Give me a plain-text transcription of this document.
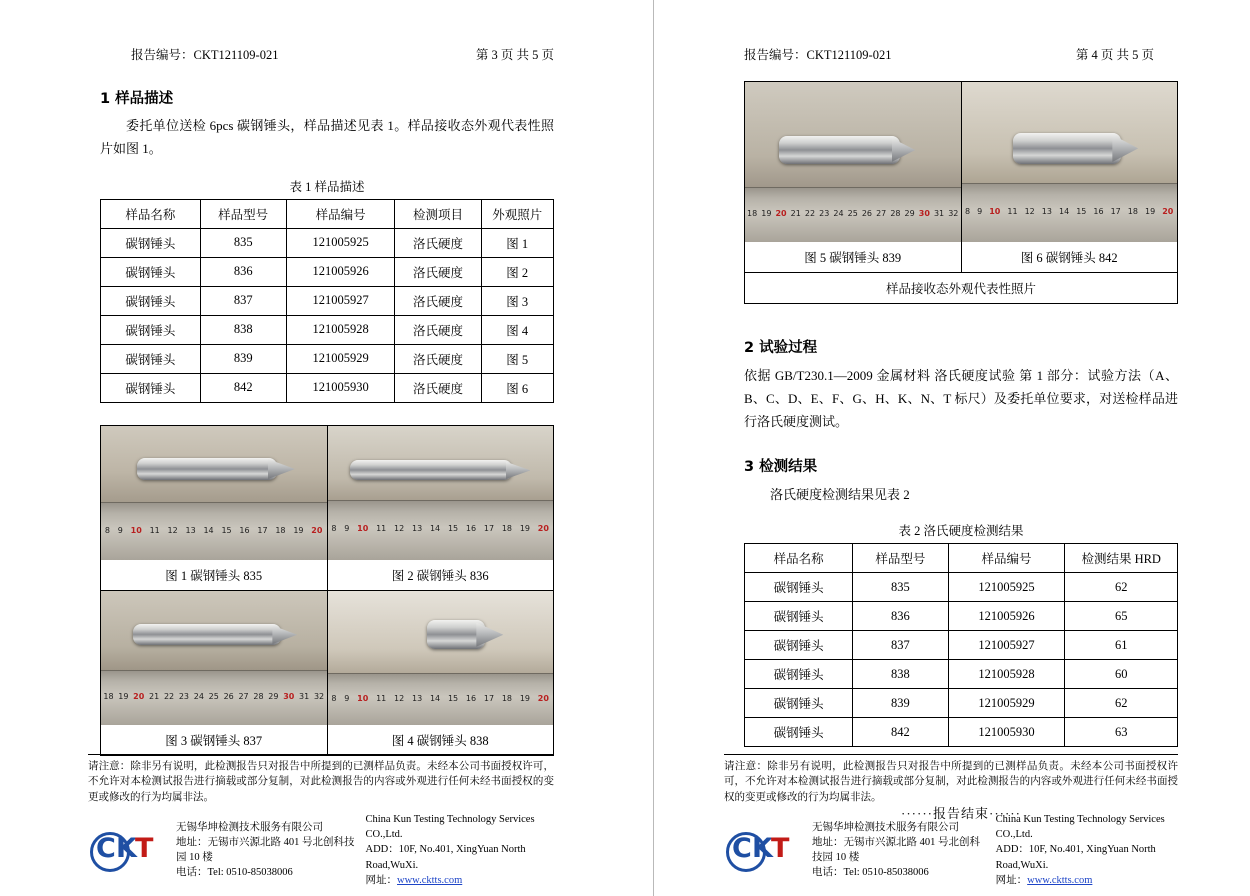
报告编号：CKT121109-021	第 3 页 共 5 页
1 样品描述
委托单位送检 6pcs 碳钢锤头，样品描述见表 1。样品接收态外观代表性照片如图 1。
表 1 样品描述
样品名称	样品型号	样品编号	检测项目	外观照片
碳钢锤头	835	121005925	洛氏硬度	图 1
碳钢锤头	836	121005926	洛氏硬度	图 2
碳钢锤头	837	121005927	洛氏硬度	图 3
碳钢锤头	838	121005928	洛氏硬度	图 4
碳钢锤头	839	121005929	洛氏硬度	图 5
碳钢锤头	842	121005930	洛氏硬度	图 6
8 9 10 11 12 13 14 15 16 17 18 19 20
图 1 碳钢锤头 835

8 9 10 11 12 13 14 15 16 17 18 19 20
图 2 碳钢锤头 836

18 19 20 21 22 23 24 25 26 27 28 29 30 31 32
图 3 碳钢锤头 837

8 9 10 11 12 13 14 15 16 17 18 19 20
图 4 碳钢锤头 838
请注意：除非另有说明，此检测报告只对报告中所提到的已测样品负责。未经本公司书面授权许可，不允许对本检测试报告进行摘载或部分复制，对此检测报告的内容或外观进行任何未经书面授权的变更或修改的行为均属非法。
C K
T
无锡华坤检测技术服务有限公司
地址：无锡市兴源北路 401 号北创科技园 10 楼
电话：Tel: 0510-85038006
China Kun Testing Technology Services CO.,Ltd.
ADD：10F, No.401, XingYuan North Road,WuXi.
网址：www.cktts.com
报告编号：CKT121109-021	第 4 页 共 5 页
18 19 20 21 22 23 24 25 26 27 28 29 30 31 32
图 5 碳钢锤头 839

8 9 10 11 12 13 14 15 16 17 18 19 20
图 6 碳钢锤头 842

样品接收态外观代表性照片
2 试验过程
依据 GB/T230.1—2009 金属材料 洛氏硬度试验 第 1 部分：试验方法（A、B、C、D、E、F、G、H、K、N、T 标尺）及委托单位要求，对送检样品进行洛氏硬度测试。
3 检测结果
洛氏硬度检测结果见表 2
表 2 洛氏硬度检测结果
样品名称	样品型号	样品编号	检测结果 HRD
碳钢锤头	835	121005925	62
碳钢锤头	836	121005926	65
碳钢锤头	837	121005927	61
碳钢锤头	838	121005928	60
碳钢锤头	839	121005929	62
碳钢锤头	842	121005930	63
······报告结束······
请注意：除非另有说明，此检测报告只对报告中所提到的已测样品负责。未经本公司书面授权许可，不允许对本检测试报告进行摘载或部分复制，对此检测报告的内容或外观进行任何未经书面授权的变更或修改的行为均属非法。
C K
T
无锡华坤检测技术服务有限公司
地址：无锡市兴源北路 401 号北创科技园 10 楼
电话：Tel: 0510-85038006
China Kun Testing Technology Services CO.,Ltd.
ADD：10F, No.401, XingYuan North Road,WuXi.
网址：www.cktts.com
